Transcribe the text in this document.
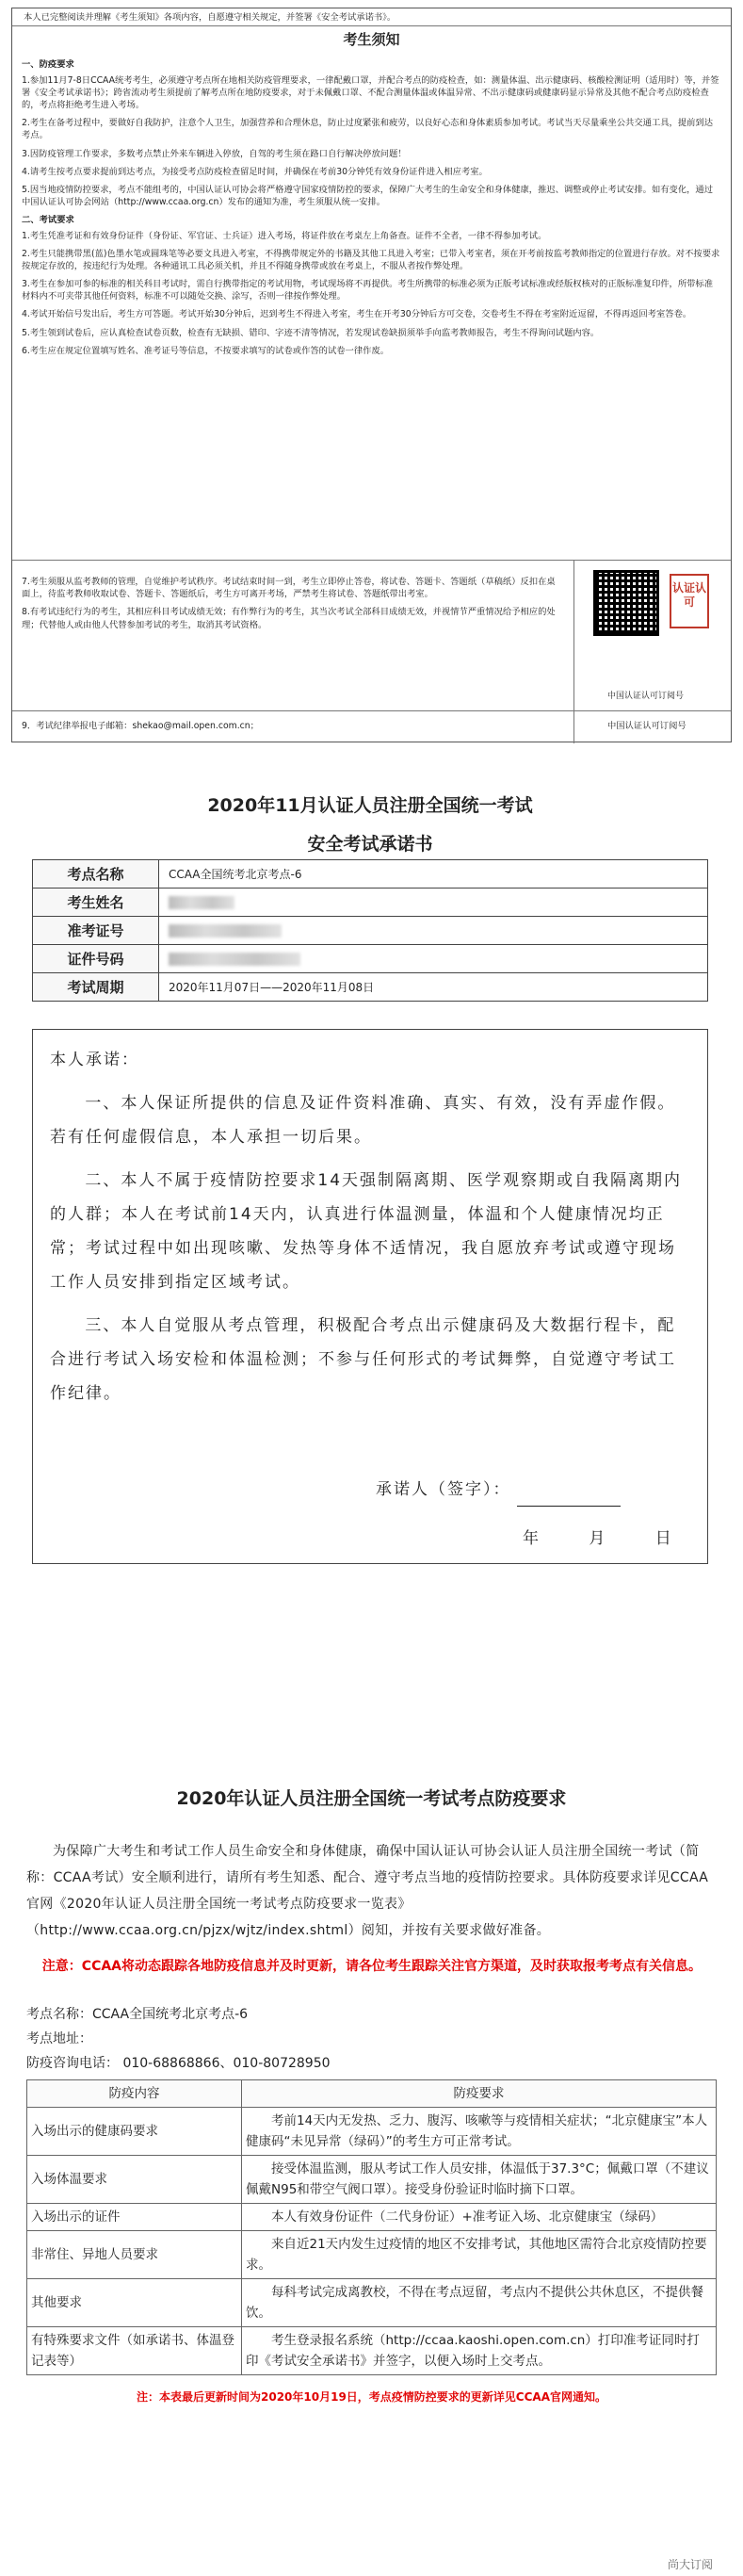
本人已完整阅读并理解《考生须知》各项内容，自愿遵守相关规定，并签署《安全考试承诺书》。
考生须知
一、防疫要求

1.参加11月7-8日CCAA统考考生，必须遵守考点所在地相关防疫管理要求，一律配戴口罩，并配合考点的防疫检查，如：测量体温、出示健康码、核酸检测证明（适用时）等，并签署《安全考试承诺书》；跨省流动考生须提前了解考点所在地防疫要求，对于未佩戴口罩、不配合测量体温或体温异常、不出示健康码或健康码显示异常及其他不配合考点防疫检查的，考点将拒绝考生进入考场。

2.考生在备考过程中，要做好自我防护，注意个人卫生，加强营养和合理休息，防止过度紧张和疲劳，以良好心态和身体素质参加考试。考试当天尽量乘坐公共交通工具，提前到达考点。

3.因防疫管理工作要求，多数考点禁止外来车辆进入停放，自驾的考生须在路口自行解决停放问题！

4.请考生按考点要求提前到达考点，为接受考点防疫检查留足时间，并确保在考前30分钟凭有效身份证件进入相应考室。

5.因当地疫情防控要求，考点不能组考的，中国认证认可协会将严格遵守国家疫情防控的要求，保障广大考生的生命安全和身体健康，推迟、调整或停止考试安排。如有变化，通过中国认证认可协会网站（http://www.ccaa.org.cn）发布的通知为准，考生须服从统一安排。

二、考试要求

1.考生凭准考证和有效身份证件（身份证、军官证、士兵证）进入考场，将证件放在考桌左上角备查。证件不全者，一律不得参加考试。

2.考生只能携带黑(蓝)色墨水笔或圆珠笔等必要文具进入考室，不得携带规定外的书籍及其他工具进入考室；已带入考室者，须在开考前按监考教师指定的位置进行存放。对不按要求按规定存放的，按违纪行为处理。各种通讯工具必须关机，并且不得随身携带或放在考桌上，不服从者按作弊处理。

3.考生在参加可参的标准的相关科目考试时，需自行携带指定的考试用物，考试现场将不再提供。考生所携带的标准必须为正版考试标准或经版权核对的正版标准复印件，所带标准材料内不可夹带其他任何资料，标准不可以随处交换、涂写，否则一律按作弊处理。

4.考试开始信号发出后，考生方可答题。考试开始30分钟后，迟到考生不得进入考室，考生在开考30分钟后方可交卷，交卷考生不得在考室附近逗留，不得再返回考室答卷。

5.考生领到试卷后，应认真检查试卷页数，检查有无缺损、错印、字迹不清等情况，若发现试卷缺损须举手向监考教师报告，考生不得询问试题内容。

6.考生应在规定位置填写姓名、准考证号等信息，不按要求填写的试卷或作答的试卷一律作废。

7.考生须服从监考教师的管理，自觉维护考试秩序。考试结束时间一到，考生立即停止答卷，将试卷、答题卡、答题纸（草稿纸）反扣在桌面上，待监考教师收取试卷、答题卡、答题纸后，考生方可离开考场，严禁考生将试卷、答题纸带出考室。

8.有考试违纪行为的考生，其相应科目考试成绩无效；有作弊行为的考生，其当次考试全部科目成绩无效，并视情节严重情况给予相应的处理；代替他人或由他人代替参加考试的考生，取消其考试资格。

认证认可
中国认证认可订阅号
9．考试纪律举报电子邮箱：shekao@mail.open.com.cn；	中国认证认可订阅号
2020年11月认证人员注册全国统一考试
安全考试承诺书
考点名称	CCAA全国统考北京考点-6
考生姓名	
准考证号	
证件号码	
考试周期	2020年11月07日——2020年11月08日

本人承诺：

一、本人保证所提供的信息及证件资料准确、真实、有效，没有弄虚作假。若有任何虚假信息，本人承担一切后果。

二、本人不属于疫情防控要求14天强制隔离期、医学观察期或自我隔离期内的人群；本人在考试前14天内，认真进行体温测量，体温和个人健康情况均正常；考试过程中如出现咳嗽、发热等身体不适情况，我自愿放弃考试或遵守现场工作人员安排到指定区域考试。

三、本人自觉服从考点管理，积极配合考点出示健康码及大数据行程卡，配合进行考试入场安检和体温检测；不参与任何形式的考试舞弊，自觉遵守考试工作纪律。

承诺人（签字）：
年 月 日
2020年认证人员注册全国统一考试考点防疫要求

为保障广大考生和考试工作人员生命安全和身体健康，确保中国认证认可协会认证人员注册全国统一考试（简称：CCAA考试）安全顺利进行，请所有考生知悉、配合、遵守考点当地的疫情防控要求。具体防疫要求详见CCAA官网《2020年认证人员注册全国统一考试考点防疫要求一览表》（http://www.ccaa.org.cn/pjzx/wjtz/index.shtml）阅知，并按有关要求做好准备。

注意：CCAA将动态跟踪各地防疫信息并及时更新，请各位考生跟踪关注官方渠道，及时获取报考考点有关信息。

考点名称：CCAA全国统考北京考点-6
考点地址：
防疫咨询电话： 010-68868866、010-80728950
防疫内容	防疫要求
入场出示的健康码要求	考前14天内无发热、乏力、腹泻、咳嗽等与疫情相关症状；“北京健康宝”本人健康码“未见异常（绿码）”的考生方可正常考试。
入场体温要求	接受体温监测，服从考试工作人员安排，体温低于37.3°C；佩戴口罩（不建议佩戴N95和带空气阀口罩）。接受身份验证时临时摘下口罩。
入场出示的证件	本人有效身份证件（二代身份证）+准考证入场、北京健康宝（绿码）
非常住、异地人员要求	来自近21天内发生过疫情的地区不安排考试，其他地区需符合北京疫情防控要求。
其他要求	每科考试完成离教校，不得在考点逗留，考点内不提供公共休息区，不提供餐饮。
有特殊要求文件（如承诺书、体温登记表等）	考生登录报名系统（http://ccaa.kaoshi.open.com.cn）打印准考证同时打印《考试安全承诺书》并签字，以便入场时上交考点。

注：本表最后更新时间为2020年10月19日，考点疫情防控要求的更新详见CCAA官网通知。

尚大订阅
